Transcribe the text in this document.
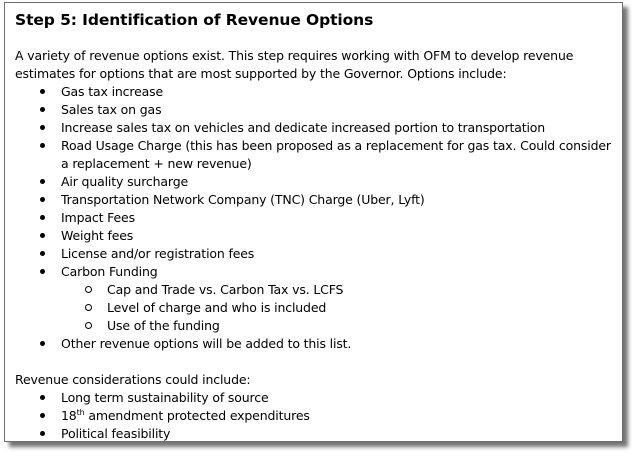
Step 5: Identification of Revenue Options

A variety of revenue options exist. This step requires working with OFM to develop revenue estimates for options that are most supported by the Governor. Options include:

Gas tax increase
Sales tax on gas
Increase sales tax on vehicles and dedicate increased portion to transportation
Road Usage Charge (this has been proposed as a replacement for gas tax. Could consider a replacement + new revenue)
Air quality surcharge
Transportation Network Company (TNC) Charge (Uber, Lyft)
Impact Fees
Weight fees
License and/or registration fees
Carbon Funding
Cap and Trade vs. Carbon Tax vs. LCFS
Level of charge and who is included
Use of the funding
Other revenue options will be added to this list.

Revenue considerations could include:

Long term sustainability of source
18th amendment protected expenditures
Political feasibility
